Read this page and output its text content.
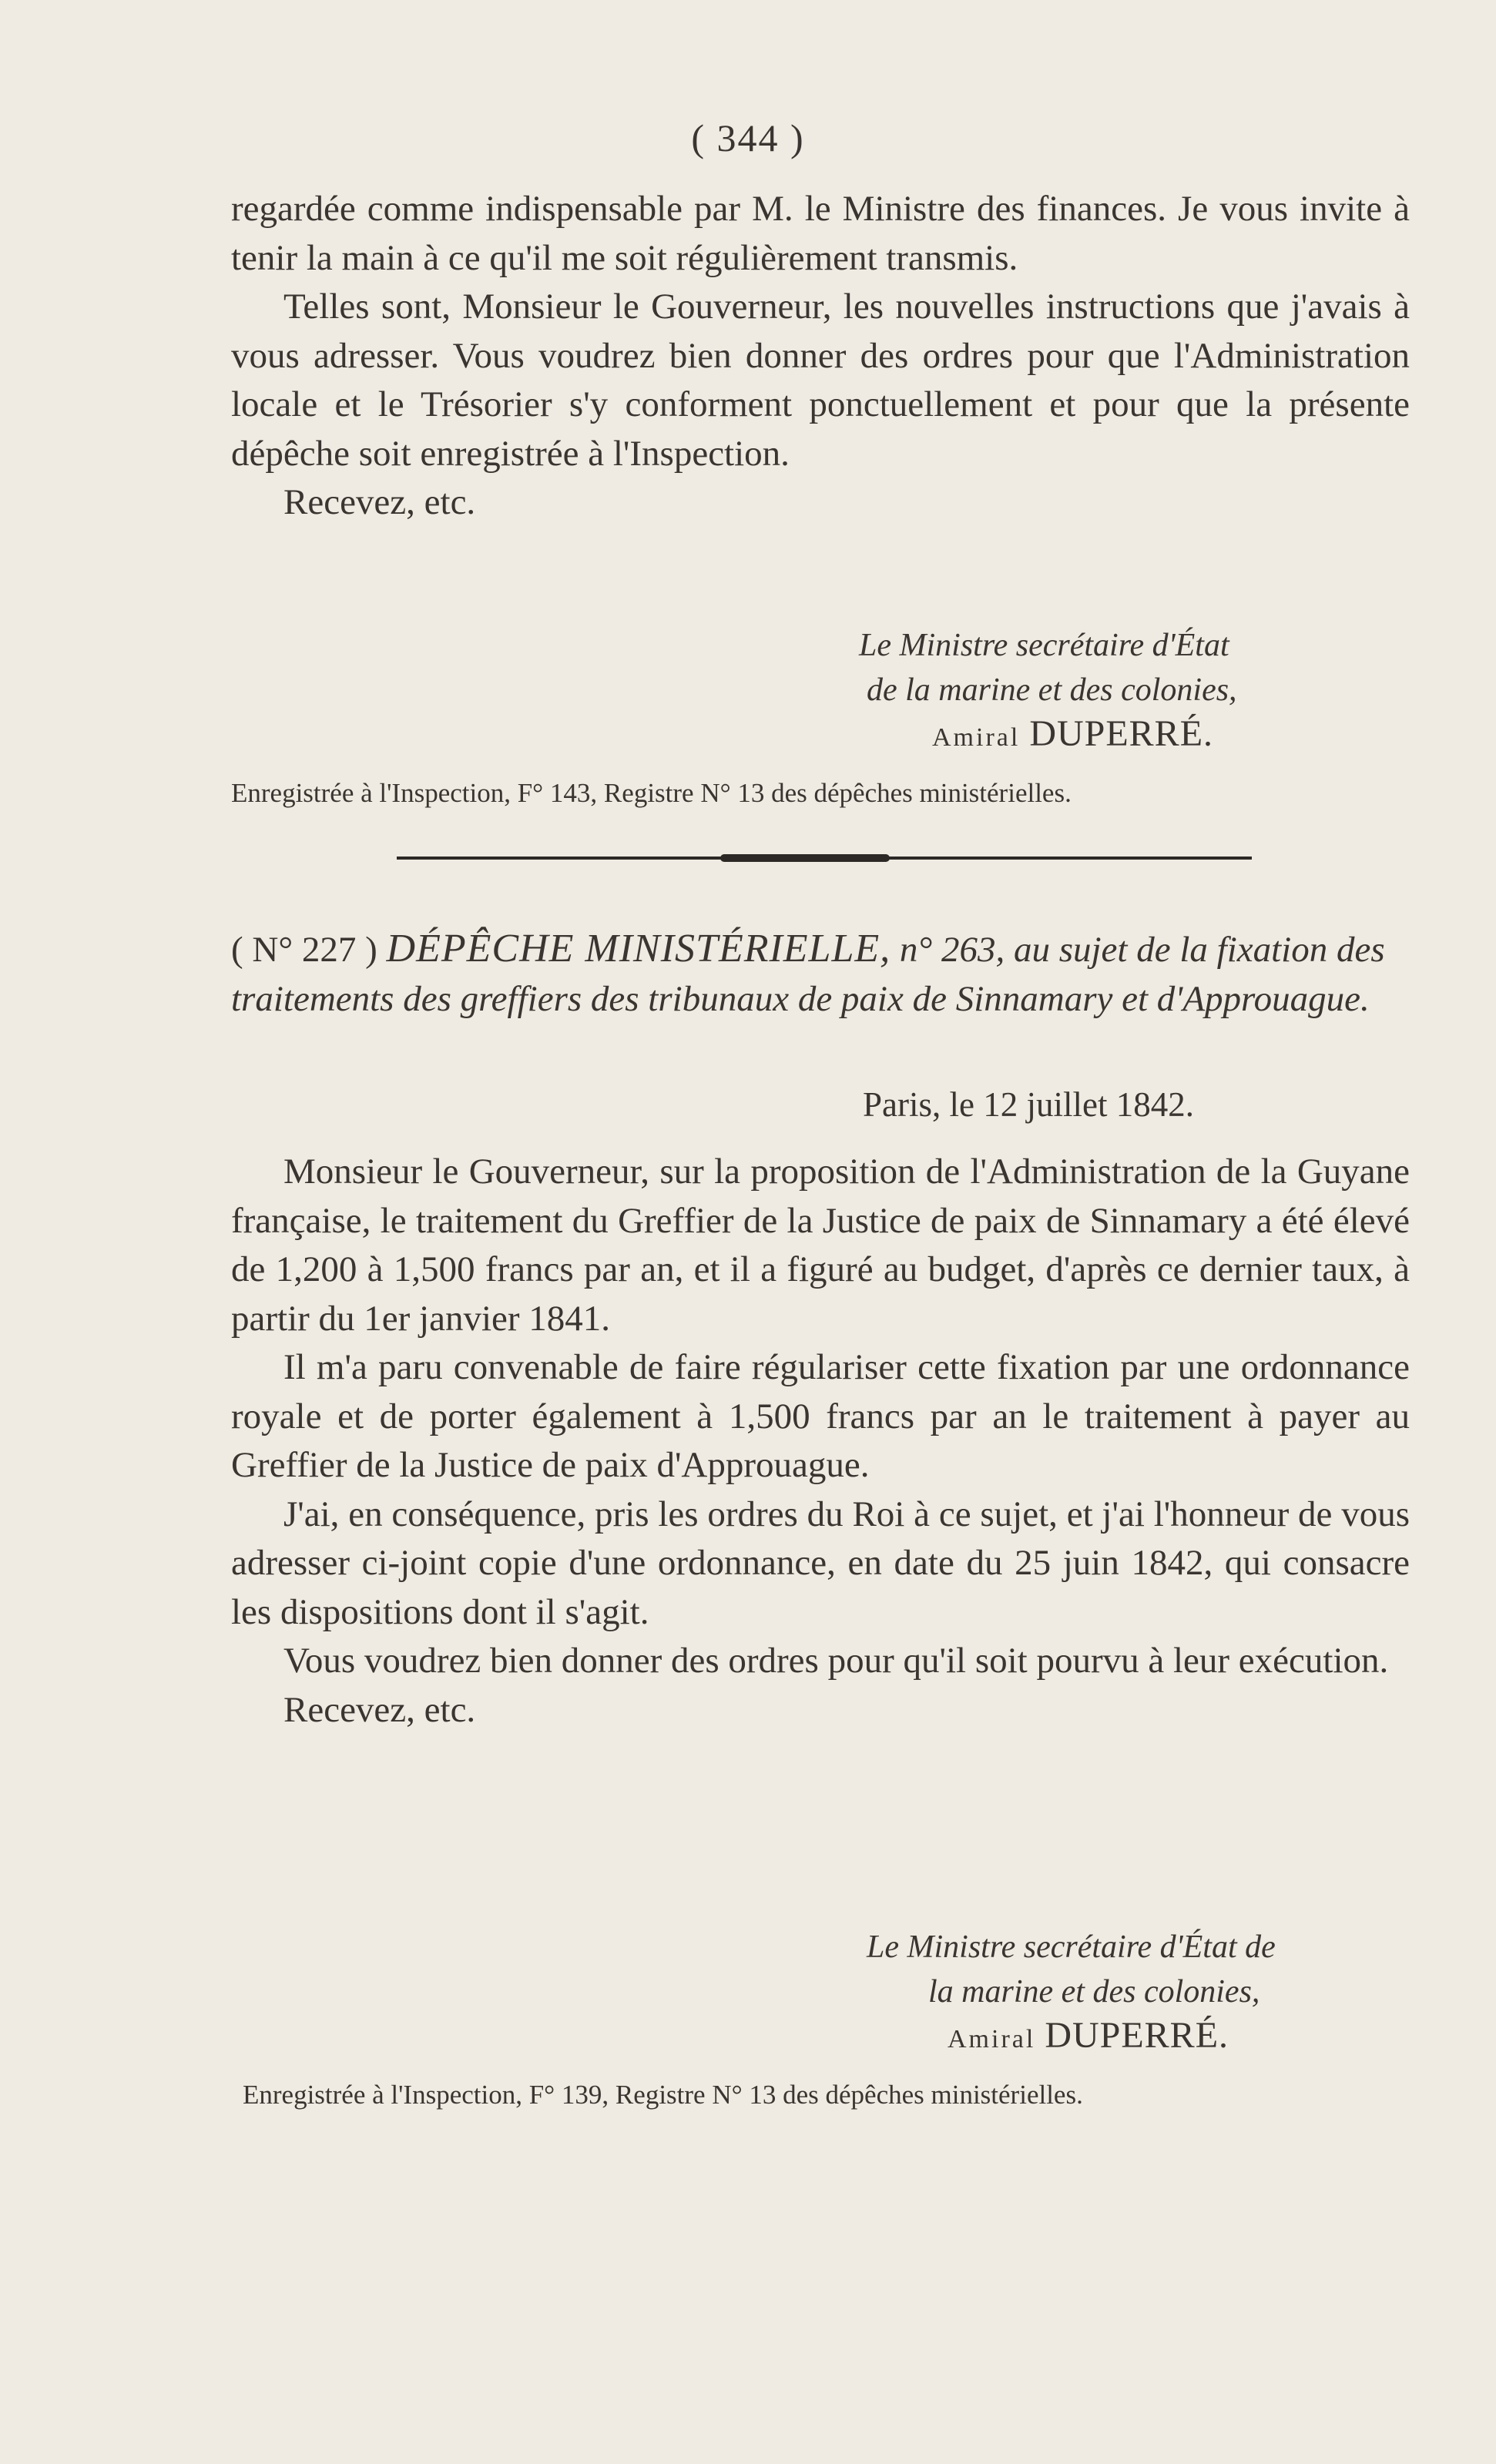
( 344 )

regardée comme indispensable par M. le Ministre des finances. Je vous invite à tenir la main à ce qu'il me soit régulièrement transmis.

Telles sont, Monsieur le Gouverneur, les nouvelles instructions que j'avais à vous adresser. Vous voudrez bien donner des ordres pour que l'Administration locale et le Trésorier s'y conforment ponctuellement et pour que la présente dépêche soit enregistrée à l'Inspection.

Recevez, etc.

Le Ministre secrétaire d'État
de la marine et des colonies,
Amiral DUPERRÉ.
Enregistrée à l'Inspection, F° 143, Registre N° 13 des dépêches ministérielles.
( N° 227 ) DÉPÊCHE MINISTÉRIELLE, n° 263, au sujet de la fixation des traitements des greffiers des tribunaux de paix de Sinnamary et d'Approuague.
Paris, le 12 juillet 1842.

Monsieur le Gouverneur, sur la proposition de l'Administration de la Guyane française, le traitement du Greffier de la Justice de paix de Sinnamary a été élevé de 1,200 à 1,500 francs par an, et il a figuré au budget, d'après ce dernier taux, à partir du 1er janvier 1841.

Il m'a paru convenable de faire régulariser cette fixation par une ordonnance royale et de porter également à 1,500 francs par an le traitement à payer au Greffier de la Justice de paix d'Approuague.

J'ai, en conséquence, pris les ordres du Roi à ce sujet, et j'ai l'honneur de vous adresser ci-joint copie d'une ordonnance, en date du 25 juin 1842, qui consacre les dispositions dont il s'agit.

Vous voudrez bien donner des ordres pour qu'il soit pourvu à leur exécution.

Recevez, etc.

Le Ministre secrétaire d'État de
la marine et des colonies,
Amiral DUPERRÉ.
Enregistrée à l'Inspection, F° 139, Registre N° 13 des dépêches ministérielles.
